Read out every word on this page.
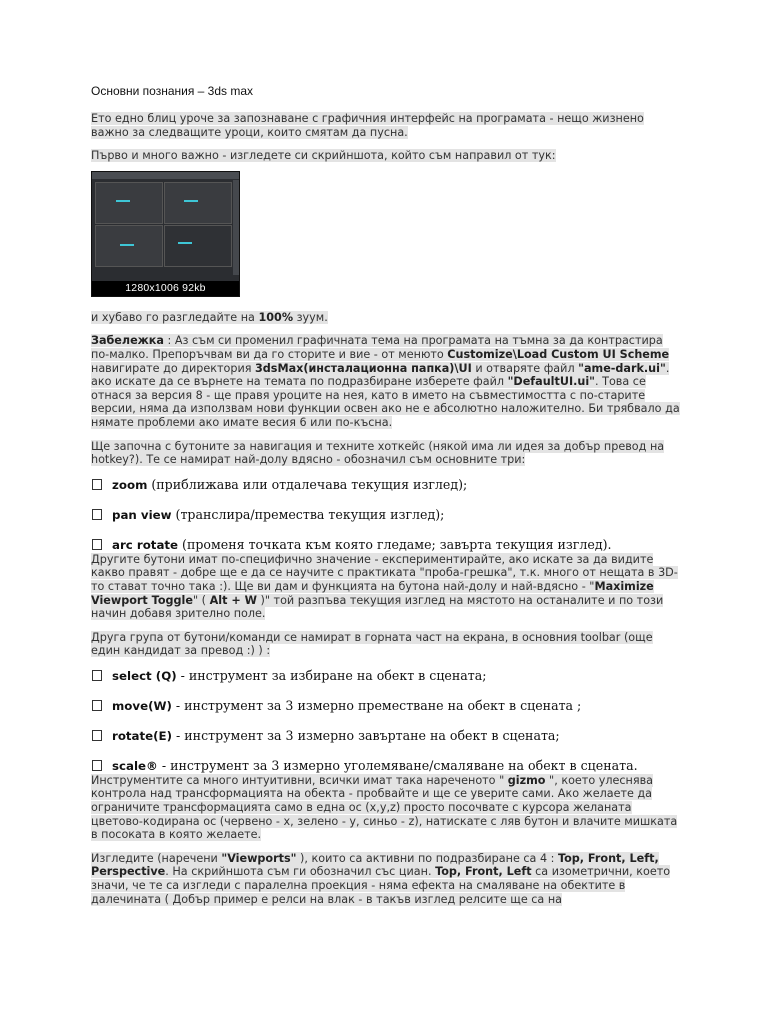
Основни познания – 3ds max
Ето едно блиц уроче за запознаване с графичния интерфейс на програмата - нещо жизнено важно за следващите уроци, които смятам да пусна.
Първо и много важно - изгледете си скрийншота, който съм направил от тук:
1280x1006 92kb
и хубаво го разгледайте на 100% зуум.
Забележка : Аз съм си променил графичната тема на програмата на тъмна за да контрастира по-малко. Препоръчвам ви да го сторите и вие - от менюто Customize\Load Custom UI Scheme навигирате до директория 3dsMax(инсталационна папка)\UI и отваряте файл "ame-dark.ui". ако искате да се върнете на темата по подразбиране изберете файл "DefaultUI.ui". Това се отнася за версия 8 - ще правя уроците на нея, като в името на съвместимостта с по-старите версии, няма да използвам нови функции освен ако не е абсолютно наложително. Би трябвало да нямате проблеми ако имате весия 6 или по-късна.
Ще започна с бутоните за навигация и техните хоткейс (някой има ли идея за добър превод на hotkey?). Те се намират най-долу вдясно - обозначил съм основните три:
zoom (приближава или отдалечава текущия изглед);
pan view (транслира/премества текущия изглед);
arc rotate (променя точката към която гледаме; завърта текущия изглед).
Другите бутони имат по-специфично значение - експериментирайте, ако искате за да видите какво правят - добре ще е да се научите с практиката "проба-грешка", т.к. много от нещата в 3D-то стават точно така :). Ще ви дам и функцията на бутона най-долу и най-вдясно - "Maximize Viewport Toggle" ( Alt + W )" той разпъва текущия изглед на мястото на останалите и по този начин добавя зрително поле.
Друга група от бутони/команди се намират в горната част на екрана, в основния toolbar (още един кандидат за превод :) ) :
select (Q) - инструмент за избиране на обект в сцената;
move(W) - инструмент за 3 измерно преместване на обект в сцената ;
rotate(E) - инструмент за 3 измерно завъртане на обект в сцената;
scale® - инструмент за 3 измерно уголемяване/смаляване на обект в сцената.
Инструментите са много интуитивни, всички имат така нареченото " gizmo ", което улеснява контрола над трансформацията на обекта - пробвайте и ще се уверите сами. Ако желаете да ограничите трансформацията само в една ос (x,y,z) просто посочвате с курсора желаната цветово-кодирана ос (червено - x, зелено - y, синьо - z), натискате с ляв бутон и влачите мишката в посоката в която желаете.
Изгледите (наречени "Viewports" ), които са активни по подразбиране са 4 : Top, Front, Left, Perspective. На скрийншота съм ги обозначил със циан. Top, Front, Left са изометрични, което значи, че те са изгледи с паралелна проекция - няма ефекта на смаляване на обектите в далечината ( Добър пример е релси на влак - в такъв изглед релсите ще са на
